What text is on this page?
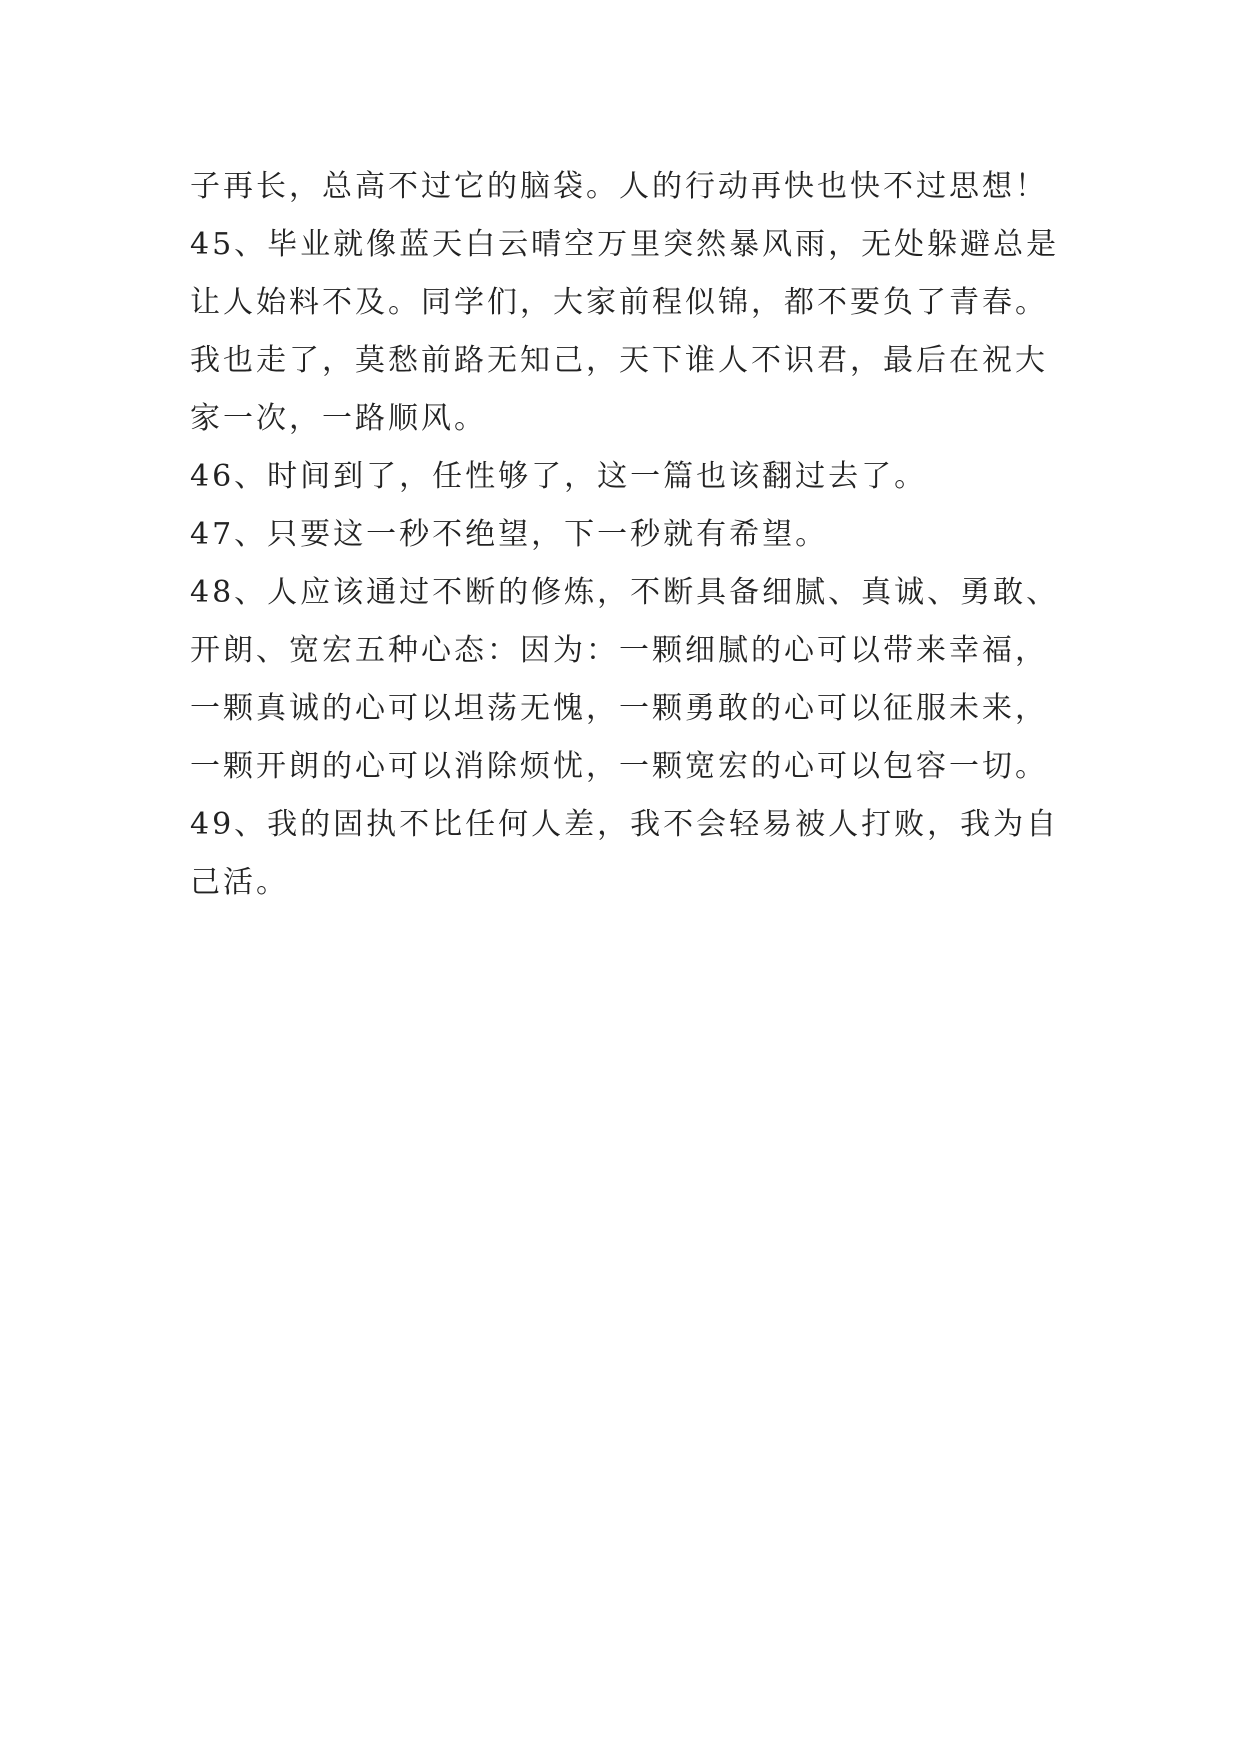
子再长，总高不过它的脑袋。人的行动再快也快不过思想！
45、毕业就像蓝天白云晴空万里突然暴风雨，无处躲避总是
让人始料不及。同学们，大家前程似锦，都不要负了青春。
我也走了，莫愁前路无知己，天下谁人不识君，最后在祝大
家一次，一路顺风。
46、时间到了，任性够了，这一篇也该翻过去了。
47、只要这一秒不绝望，下一秒就有希望。
48、人应该通过不断的修炼，不断具备细腻、真诚、勇敢、
开朗、宽宏五种心态：因为：一颗细腻的心可以带来幸福，
一颗真诚的心可以坦荡无愧，一颗勇敢的心可以征服未来，
一颗开朗的心可以消除烦忧，一颗宽宏的心可以包容一切。
49、我的固执不比任何人差，我不会轻易被人打败，我为自
己活。
